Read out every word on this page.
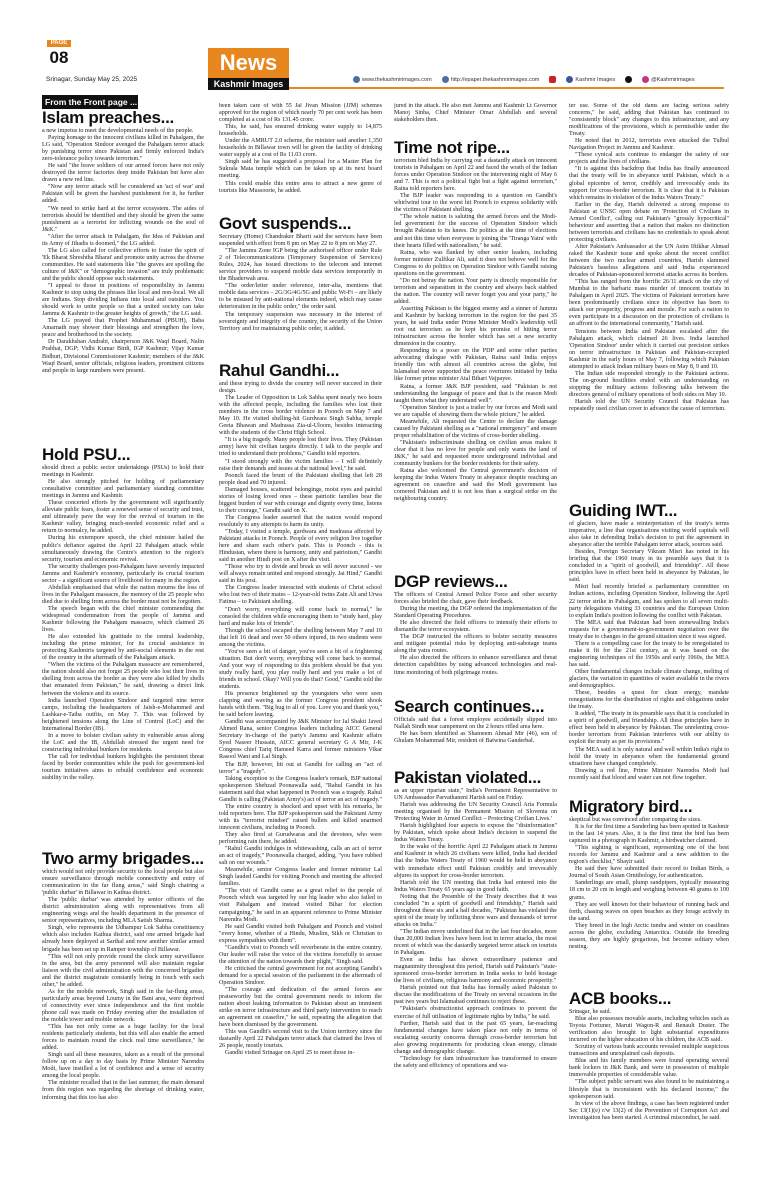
PAGE
08
Srinagar, Sunday May 25, 2025
News
Kashmir Images	www.thekashmirimages.com	http://epaper.thekashmirimages.com	Kashmir Images	@Kashmirimages
From the Front page ...
Islam preaches...

a new impetus to meet the developmental needs of the people.

Paying homage to the innocent civilians killed in Pahalgam, the LG said, "Operation Sindoor avenged the Pahalgam terror attack by punishing terror since Pakistan and firmly enforced India's zero-tolerance policy towards terrorism."

He said "the brave soldiers of our armed forces have not only destroyed the terror factories deep inside Pakistan but have also drawn a new red line.

"Now any terror attack will be considered an 'act of war' and Pakistan will be given the harshest punishment for it, he further added.

"We need to strike hard at the terror ecosystem. The aides of terrorists should be identified and they should be given the same punishment as a terrorist for inflicting wounds on the soul of J&K."

"After the terror attack in Pahalgam, the Idea of Pakistan and its Army of Jihadis is doomed," the LG added.

The LG also called for collective efforts to foster the spirit of 'Ek Bharat Shreshtha Bharat' and promote unity across the diverse communities. He said statements like "the graves are spoiling the culture of J&K" or "demographic invasion" are truly problematic and the public should oppose such statements.

"I appeal to those in positions of responsibility in Jammu Kashmir to stop using the phrases like local and non-local. We all are Indians. Stop dividing Indians into local and outsiders. You should work to unite people so that a united society can take Jammu & Kashmir to the greater heights of growth," the LG said.

The LG prayed that Prophet Muhammad (PBUH), Baba Amarnath may shower their blessings and strengthen the love, peace and brotherhood in the society.

Dr Darakhshan Andrabi, chairperson J&K Waqf Board, Nalin Prabhat, DGP; Vidhi Kumar Birdi, IGP Kashmir; Vijay Kumar Bidhuri, Divisional Commissioner Kashmir; members of the J&K Waqf Board, senior officials, religious leaders, prominent citizens and people in large numbers were present.

Hold PSU...

should direct a public sector undertakings (PSUs) to hold their meetings in Kashmir.

He also strongly pitched for holding of parliamentary consultative committee and parliamentary standing committee meetings in Jammu and Kashmir.

These concerted efforts by the government will significantly alleviate public fears, foster a renewed sense of security and trust, and ultimately pave the way for the revival of tourism in the Kashmir valley, bringing much-needed economic relief and a return to normalcy, he added.

During his extempore speech, the chief minister hailed the public's defiance against the April 22 Pahalgam attack while simultaneously drawing the Centre's attention to the region's security, tourism and economic revival.

The security challenges post-Pahalgam have severely impacted Jammu and Kashmir's economy, particularly its crucial tourism sector – a significant source of livelihood for many in the region.

Abdullah emphasised that while the nation mourns the loss of lives in the Pahalgam massacre, the memory of the 25 people who died due to shelling from across the border must not be forgotten.

The speech began with the chief minister commending the widespread condemnation from the people of Jammu and Kashmir following the Pahalgam massacre, which claimed 26 lives.

He also extended his gratitude to the central leadership, including the prime minister, for its crucial assistance in protecting Kashmiris targeted by anti-social elements in the rest of the country in the aftermath of the Pahalgam attack.

"When the victims of the Pahalgam massacre are remembered, the nation should also not forget 25 people who lost their lives in shelling from across the border as they were also killed by shells that emanated from Pakistan," he said, drawing a direct link between the violence and its source.

India launched Operation Sindoor and targeted nine terror camps, including the headquarters of Jaish-e-Mohammed and Lashkar-e-Taiba outfits, on May 7. This was followed by heightened tensions along the Line of Control (LoC) and the International Border (IB).

In a move to bolster civilian safety in vulnerable areas along the LoC and the IB, Abdullah stressed the urgent need for constructing individual bunkers for residents.

The call for individual bunkers highlights the persistent threat faced by border communities while the push for government-led tourism initiatives aims to rebuild confidence and economic stability in the valley.

Two army brigades...

which would not only provide security to the local people but also ensure surveillance through mobile connectivity and entry of communication in the far flung areas," said Singh chairing a 'public durbar' in Billawar in Kathua district.

The 'public durbar' was attended by senior officers of the district administration along with representatives from all engineering wings and the health department in the presence of senior representatives, including MLA Satish Sharma.

Singh, who represents the Udhampur Lok Sabha constituency which also includes Kathua district, said one armed brigade had already been deployed at Sarthal and now another similar armed brigade has been set up in Ramper township of Billawar.

"This will not only provide round the clock army surveillance in the area, but the army personnel will also maintain regular liaison with the civil administration with the concerned brigadier and the district magistrate constantly being in touch with each other," he added.

As for the mobile network, Singh said in the far-flung areas, particularly areas beyond Loumy in the Bani area, were deprived of connectivity ever since independence and the first mobile phone call was made on Friday evening after the installation of the mobile tower and mobile network.

"This has not only come as a huge facility for the local residents particularly students, but this will also enable the armed forces to maintain round the clock real time surveillance," he added.

Singh said all these measures, taken as a result of the personal follow up on a day to day basis by Prime Minister Narendra Modi, have instilled a lot of confidence and a sense of security among the local people.

The minister recalled that in the last summer, the main demand from this region was regarding the shortage of drinking water, informing that this too has also

been taken care of with 55 Jal Jivan Mission (JJM) schemes approved for the region of which nearly 70 per cent work has been completed at a cost of Rs 131.45 crore.

This, he said, has ensured drinking water supply to 14,875 households.

Under the AMRUT 2.0 scheme, the minister said another 1,350 households in Billawar town will be given the facility of drinking water supply at a cost of Rs 11.03 crore.

Singh said he has suggested a proposal for a Master Plan for Sukrala Mata temple which can be taken up at its next board meeting.

This could enable this entire area to attract a new genre of tourists like Mussoorie, he added.

Govt suspends...

Secretary (Home) Chandraker Bharti said the services have been suspended with effect from 8 pm on May 22 to 8 pm on May 27.

"The Jammu Zone IGP being the authorised officer under Rule 2 of Telecommunications (Temporary Suspension of Services) Rules, 2024, has issued directions to the telecom and internet service providers to suspend mobile data services temporarily in the Bhaderwah area.

"The order/letter under reference, inter-alia, mentions that mobile data services – 2G/3G/4G/5G and public Wi-Fi – are likely to be misused by anti-national elements indeed, which may cause deterioration in the public order," the order said.

The temporary suspension was necessary in the interest of sovereignty and integrity of the country, the security of the Union Territory and for maintaining public order, it added.

Rahul Gandhi...

and these trying to divide the country will never succeed in their design.

The Leader of Opposition in Lok Sabha spent nearly two hours with the affected people, including the families who lost their members in the cross border violence in Poonch on May 7 and May 10. He visited shelling-hit Gurdwara Singh Sabha, temple Geeta Bhawan and Madrassa Zia-ul-Uloom, besides interacting with the students of the Christ High School.

"It is a big tragedy. Many people lost their lives. They (Pakistan army) have hit civilian targets directly. I talk to the people and tried to understand their problems," Gandhi told reporters.

"I stood strongly with the victim families – I will definitely raise their demands and issues at the national level," he said.

Poonch faced the brunt of the Pakistani shelling that left 28 people dead and 70 injured.

Damaged houses, scattered belongings, moist eyes and painful stories of losing loved ones – these patriotic families bear the biggest burden of war with courage and dignity every time, listens to their courage," Gandhi said on X.

The Congress leader asserted that the nation would respond resolutely to any attempts to harm its unity.

"Today, I visited a temple, gurdwara and madrassa affected by Pakistani attacks in Poonch. People of every religion live together here and share each other's pain. This is Poonch - this is Hindustan, where there is harmony, unity and patriotism," Gandhi said in another Hindi post on X after the visit.

"Those who try to divide and break us will never succeed - we will always remain united and respond strongly. Jai Hind," Gandhi said in his post.

The Congress leader interacted with students of Christ school who lost two of their mates – 12-year-old twins Zain Ali and Urwa Fatima – to Pakistani shelling.

"Don't worry, everything will come back to normal," he consoled the children while encouraging them to "study hard, play hard and make lots of friends".

Though the school escaped the shelling between May 7 and 10 that left 16 dead and over 50 others injured, its two students were among the victims.

"You've seen a bit of danger, you've seen a bit of a frightening situation. But don't worry, everything will come back to normal. And your way of responding to this problem should be that you study really hard, you play really hard and you make a lot of friends in school. Okay? Will you do that? Good," Gandhi told the students.

His presence brightened up the youngsters who were seen clapping and waving as the former Congress president shook hands with them. "Big hug to all of you. Love you and thank you," he said before leaving.

Gandhi was accompanied by J&K Minister for Jal Shakti Javed Ahmed Rana, senior Congress leaders including AICC General Secretary in-charge of the party's Jammu and Kashmir affairs Syed Naseer Hussain, AICC general secretary G A Mir, J-K Congress chief Tariq Hameed Karra and former ministers Vikar Rasool Wani and Lal Singh.

The BJP, however, hit out at Gandhi for calling an "act of terror" a "tragedy".

Taking exception to the Congress leader's remark, BJP national spokesperson Shehzad Poonawalla said, "Rahul Gandhi in his statement said that what happened in Poonch was a tragedy. Rahul Gandhi is calling (Pakistan Army's) act of terror an act of tragedy."

The entire country is shocked and upset with his remarks, he told reporters here. The BJP spokesperson said the Pakistani Army with its "terrorist mindset" raised bullets and killed unarmed innocent civilians, including in Poonch.

They also fired at Gurudwaras and the devotees, who were performing rain there, he added.

"Rahul Gandhi indulges in whitewashing, calls an act of terror an act of tragedy," Poonawalla charged, adding, "you have rubbed salt on our wounds."

Meanwhile, senior Congress leader and former minister Lal Singh lauded Gandhi for visiting Poonch and meeting the affected families.

"The visit of Gandhi came as a great relief to the people of Poonch which was targeted by our big leader who also failed to visit Pahalgam and instead visited Bihar for election campaigning," he said in an apparent reference to Prime Minister Narendra Modi.

He said Gandhi visited both Pahalgam and Poonch and visited "every home, whether of a Hindu, Muslim, Sikh or Christian to express sympathies with them".

"Gandhi's visit to Poonch will reverberate in the entire country. Our leader will raise the voice of the victims forcefully to arouse the attention of the nation towards their plight," Singh said.

He criticised the central government for not accepting Gandhi's demand for a special session of the parliament in the aftermath of Operation Sindoor.

"The courage and dedication of the armed forces are praiseworthy but the central government needs to inform the nation about leaking information to Pakistan about an imminent strike on terror infrastructure and third party intervention to reach an agreement on ceasefire," he said, repeating the allegation that have been dismissed by the government.

This was Gandhi's second visit to the Union territory since the dastardly April 22 Pahalgam terror attack that claimed the lives of 26 people, mostly tourists.

Gandhi visited Srinagar on April 25 to meet those in-

jured in the attack. He also met Jammu and Kashmir Lt Governor Manoj Sinha, Chief Minister Omar Abdullah and several stakeholders then.

Time not ripe...

terrorism bled India by carrying out a dastardly attack on innocent tourists in Pahalgam on April 22 and faced the wrath of the Indian forces under Operation Sindoor on the intervening night of May 6 and 7. This is not a political fight but a fight against terrorism," Raina told reporters here.

The BJP leader was responding to a question on Gandhi's whirlwind tour to the worst hit Poonch to express solidarity with the victims of Pakistani shelling.

"The whole nation is saluting the armed forces and the Modi-led government for the success of Operation Sindoor which brought Pakistan to its knees. Do politics at the time of elections and not this time when everyone is joining the 'Tiranga Yatra' with their hearts filled with nationalism," he said.

Raina, who was flanked by other senior leaders, including former minister Zulfikar Ali, said it does not behove well for the Congress to do politics on Operation Sindoor with Gandhi raising questions on the government.

"Do not betray the nation. Your party is directly responsible for terrorism and separatism in the country and always back stabbed the nation. The country will never forget you and your party," he added.

Asserting Pakistan is the biggest enemy and a sinner of Jammu and Kashmir by backing terrorism in the region for the past 35 years, he said India under Prime Minister Modi's leadership will root out terrorism as he kept his promise of hitting terror infrastructure across the border which has set a new security dimension in the country.

Responding to a poser on the PDP and some other parties advocating dialogue with Pakistan, Raina said India enjoys friendly ties with almost all countries across the globe, but Islamabad never supported the peace overtures initiated by India like former prime minister Atal Bihari Vajpayee.

Raina, a former J&K BJP president, said "Pakistan is not understanding the language of peace and that is the reason Modi taught them what they understand well".

"Operation Sindoor is just a trailer by our forces and Modi said we are capable of showing them the whole picture," he added.

Meanwhile, Ali requested the Centre to declare the damage caused by Pakistani shelling as a "national emergency" and ensure proper rehabilitation of the victims of cross-border shelling.

"Pakistan's indiscriminate shelling on civilian areas makes it clear that it has no love for people and only wants the land of J&K," he said and requested more underground individual and community bunkers for the border residents for their safety.

Raina also welcomed the Central government's decision of keeping the Indus Waters Treaty in abeyance despite reaching an agreement on ceasefire and said the Modi government has cornered Pakistan and it is not less than a surgical strike on the neighbouring country.

DGP reviews...

The officers of Central Armed Police Force and other security forces also briefed the chair, gave their feedback.

During the meeting, the DGP ordered the implementation of the Standard Operating Procedures.

He also directed the field officers to intensify their efforts to dismantle the terror ecosystem.

The DGP instructed the officers to bolster security measures and mitigate potential risks by deploying anti-sabotage teams along the yatra routes.

He also directed the officers to enhance surveillance and threat detection capabilities by using advanced technologies and real-time monitoring of both pilgrimage routes.

Search continues...

Officials said that a forest employee accidentally slipped into Nallah Sindh near campement on the 2 hours rifled area here.

He has been identified as Shameem Ahmad Mir (46), son of Ghulam Mohammad Mir, resident of Batwina Ganderbal.

Pakistan violated...

as an upper riparian state," India's Permanent Representative to UN Ambassador Parvathaneni Harish said on Friday.

Harish was addressing the UN Security Council Aria Formula meeting organised by the Permanent Mission of Slovenia on 'Protecting Water in Armed Conflict – Protecting Civilian Lives.'

Harish highlighted four aspects to expose the "disinformation" by Pakistan, which spoke about India's decision to suspend the Indus Waters Treaty.

In the wake of the horrific April 22 Pahalgam attack in Jammu and Kashmir in which 26 civilians were killed, India had decided that the Indus Waters Treaty of 1960 would be held in abeyance with immediate effect until Pakistan credibly and irrevocably abjures its support for cross-border terrorism.

Harish told the UN meeting that India had entered into the Indus Waters Treaty 65 years ago in good faith.

Noting that the Preamble of the Treaty describes that it was concluded "in a spirit of goodwill and friendship," Harish said throughout these six and a half decades, "Pakistan has violated the spirit of the treaty by inflicting three wars and thousands of terror attacks on India."

"The Indian envoy underlined that in the last four decades, more than 20,000 Indian lives have been lost in terror attacks, the most recent of which was the dastardly targeted terror attack on tourists in Pahalgam.

Even as India has shown extraordinary patience and magnanimity throughout this period, Harish said Pakistan's "state-sponsored cross-border terrorism in India seeks to hold hostage the lives of civilians, religious harmony and economic prosperity."

Harish pointed out that India has formally asked Pakistan to discuss the modifications of the Treaty on several occasions in the past two years but Islamabad continues to reject these.

"Pakistan's obstructionist approach continues to prevent the exercise of full utilisation of legitimate rights by India," he said.

Further, Harish said that in the past 65 years, far-reaching fundamental changes have taken place not only in terms of escalating security concerns through cross-border terrorism but also growing requirements for producing clean energy, climate change and demographic change.

"Technology for dam infrastructure has transformed to ensure the safety and efficiency of operations and wa-

ter use. Some of the old dams are facing serious safety concerns," he said, adding that Pakistan has continued to "consistently block" any changes to this infrastructure, and any modifications of the provisions, which is permissible under the Treaty.

He noted that in 2012, terrorists even attacked the Tulbul Navigation Project in Jammu and Kashmir.

"These cynical acts continue to endanger the safety of our projects and the lives of civilians.

"It is against this backdrop that India has finally announced that the treaty will be in abeyance until Pakistan, which is a global epicentre of terror, credibly and irrevocably ends its support for cross-border terrorism. It is clear that it is Pakistan which remains in violation of the Indus Waters Treaty."

Earlier in the day, Harish delivered a strong response to Pakistan at UNSC open debate on 'Protection of Civilians in Armed Conflict', calling out Pakistan's "grossly hypocritical" behaviour and asserting that a nation that makes no distinction between terrorists and civilians has no credentials to speak about protecting civilians.

After Pakistan's Ambassador at the UN Asim Iftikhar Ahmad raked the Kashmir issue and spoke about the recent conflict between the two nuclear armed countries, Harish slammed Pakistan's baseless allegations and said India experienced decades of Pakistan-sponsored terrorist attacks across its borders.

"This has ranged from the horrific 26/11 attack on the city of Mumbai to the barbaric mass murder of innocent tourists in Pahalgam in April 2025. The victims of Pakistani terrorism have been predominantly civilians since its objective has been to attack our prosperity, progress and morale. For such a nation to even participate in a discussion on the protection of civilians is an affront to the international community," Harish said.

Tensions between India and Pakistan escalated after the Pahalgam attack, which claimed 26 lives. India launched 'Operation Sindoor' under which it carried out precision strikes on terror infrastructure in Pakistan and Pakistan-occupied Kashmir in the early hours of May 7, following which Pakistan attempted to attack Indian military bases on May 8, 9 and 10.

The Indian side responded strongly to the Pakistani actions. The on-ground hostilities ended with an understanding on stopping the military actions following talks between the directors general of military operations of both sides on May 10.

Harish told the UN Security Council that Pakistan has repeatedly used civilian cover to advance the cause of terrorism.

Guiding IWT...

of glaciers, have made a reinterpretation of the treaty's terms imperative, a line that organisations visiting world capitals will also take in defending India's decision to put the agreement in abeyance after the terrible Pahalgam terror attack, sources said.

Besides, Foreign Secretary Vikram Misri has noted in his briefing that the 1960 treaty in its preamble says that it is concluded in a "spirit of goodwill, and friendship". All these principles have in effect been held in abeyance by Pakistan, he said.

Misri had recently briefed a parliamentary committee on Indian actions, including Operation Sindoor, following the April 22 terror strike in Pahalgam, and has spoken to all seven multi-party delegations visiting 33 countries and the European Union to explain India's position following the conflict with Pakistan.

The MEA said that Pakistan had been stonewalling India's requests for a government-to-government negotiation over the treaty due to changes in the ground situation since it was signed.

There is a compelling case for the treaty to be renegotiated to make it fit for the 21st century, as it was based on the engineering techniques of the 1950s and early 1960s, the MEA has said.

Other fundamental changes include climate change, melting of glaciers, the variation in quantities of water available in the rivers and demographics.

These, besides a quest for clean energy, mandate renegotiations for the distribution of rights and obligations under the treaty.

It added, "The treaty in its preamble says that it is concluded in a spirit of goodwill, and friendship. All these principles have in effect been held in abeyance by Pakistan. The unrelenting cross-border terrorism from Pakistan interferes with our ability to exploit the treaty as per its provisions."

The MEA said it is only natural and well within India's right to hold the treaty in abeyance when the fundamental ground situations have changed completely.

Drawing a red line, Prime Minister Narendra Modi had recently said that blood and water can not flow together.

Migratory bird...

skeptical but was convinced after comparing the sizes.

It is for the first time a Sanderling has been spotted in Kashmir in the last 14 years. Also, it is the first time the bird has been captured in a photograph in Kashmir, a birdwatcher claimed.

"This sighting is significant, representing one of the best records for Jammu and Kashmir and a new addition to the region's checklist," Shayir said.

He said they have submitted their record to Indian Birds, a Journal of South Asian Ornithology, for authentication.

Sanderlings are small, plump sandpipers, typically measuring 18 cm to 20 cm in length and weighing between 40 grams to 100 grams.

They are well known for their behaviour of running back and forth, chasing waves on open beaches as they forage actively in the sand.

They breed in the high Arctic tundra and winter on coastlines across the globe, excluding Antarctica. Outside the breeding season, they are highly gregarious, but become solitary when nesting.

ACB books...

Srinagar, he said.

Blue also possesses movable assets, including vehicles such as Toyota Fortuner, Maruti Wagon-R and Renault Duster. The verification also brought to light substantial expenditures incurred on the higher education of his children, the ACB said.

Scrutiny of various bank accounts revealed multiple suspicious transactions and unexplained cash deposits.

Blue and his family members were found operating several bank lockers in J&K Bank, and were in possession of multiple immovable properties of considerable value.

"The subject public servant was also found to be maintaining a lifestyle that is inconsistent with his declared income," the spokesperson said.

In view of the above findings, a case has been registered under Sec 13(1)(e) r/w 13(2) of the Prevention of Corruption Act and investigation has been started. A criminal misconduct, he said.
